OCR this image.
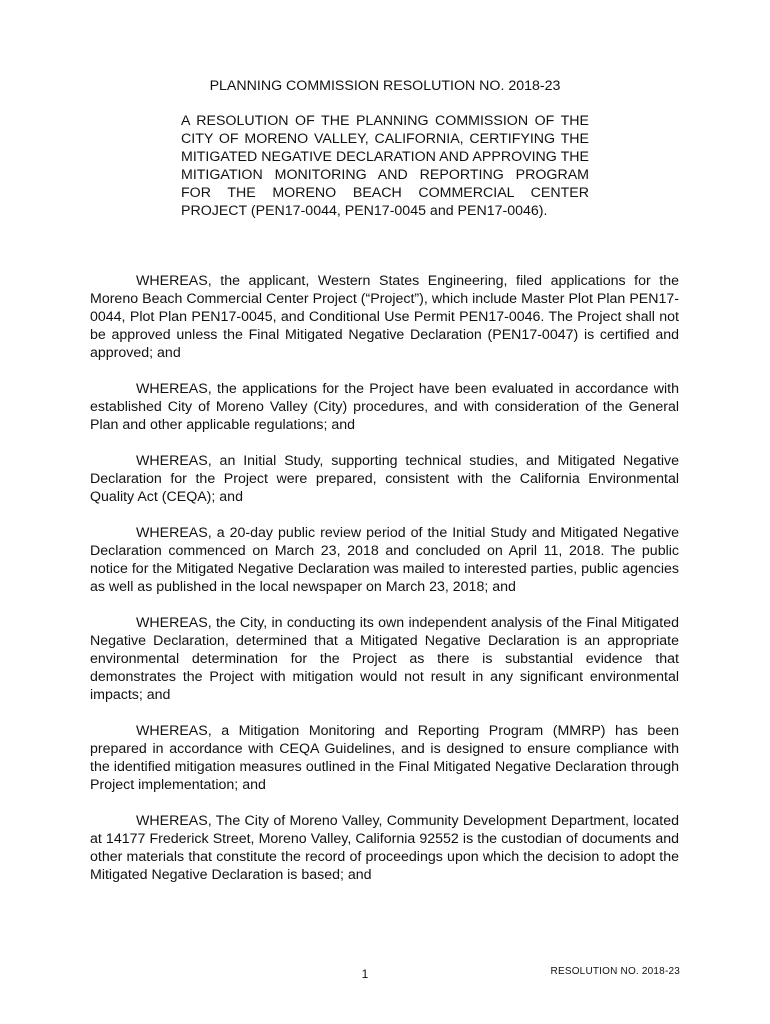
PLANNING COMMISSION RESOLUTION NO. 2018-23

A RESOLUTION OF THE PLANNING COMMISSION OF THE CITY OF MORENO VALLEY, CALIFORNIA, CERTIFYING THE MITIGATED NEGATIVE DECLARATION AND APPROVING THE MITIGATION MONITORING AND REPORTING PROGRAM FOR THE MORENO BEACH COMMERCIAL CENTER PROJECT (PEN17-0044, PEN17-0045 and PEN17-0046).

WHEREAS, the applicant, Western States Engineering, filed applications for the Moreno Beach Commercial Center Project (“Project”), which include Master Plot Plan PEN17-0044, Plot Plan PEN17-0045, and Conditional Use Permit PEN17-0046. The Project shall not be approved unless the Final Mitigated Negative Declaration (PEN17-0047) is certified and approved; and

WHEREAS, the applications for the Project have been evaluated in accordance with established City of Moreno Valley (City) procedures, and with consideration of the General Plan and other applicable regulations; and

WHEREAS, an Initial Study, supporting technical studies, and Mitigated Negative Declaration for the Project were prepared, consistent with the California Environmental Quality Act (CEQA); and

WHEREAS, a 20-day public review period of the Initial Study and Mitigated Negative Declaration commenced on March 23, 2018 and concluded on April 11, 2018. The public notice for the Mitigated Negative Declaration was mailed to interested parties, public agencies as well as published in the local newspaper on March 23, 2018; and

WHEREAS, the City, in conducting its own independent analysis of the Final Mitigated Negative Declaration, determined that a Mitigated Negative Declaration is an appropriate environmental determination for the Project as there is substantial evidence that demonstrates the Project with mitigation would not result in any significant environmental impacts; and

WHEREAS, a Mitigation Monitoring and Reporting Program (MMRP) has been prepared in accordance with CEQA Guidelines, and is designed to ensure compliance with the identified mitigation measures outlined in the Final Mitigated Negative Declaration through Project implementation; and

WHEREAS, The City of Moreno Valley, Community Development Department, located at 14177 Frederick Street, Moreno Valley, California 92552 is the custodian of documents and other materials that constitute the record of proceedings upon which the decision to adopt the Mitigated Negative Declaration is based; and

1	RESOLUTION NO. 2018-23
